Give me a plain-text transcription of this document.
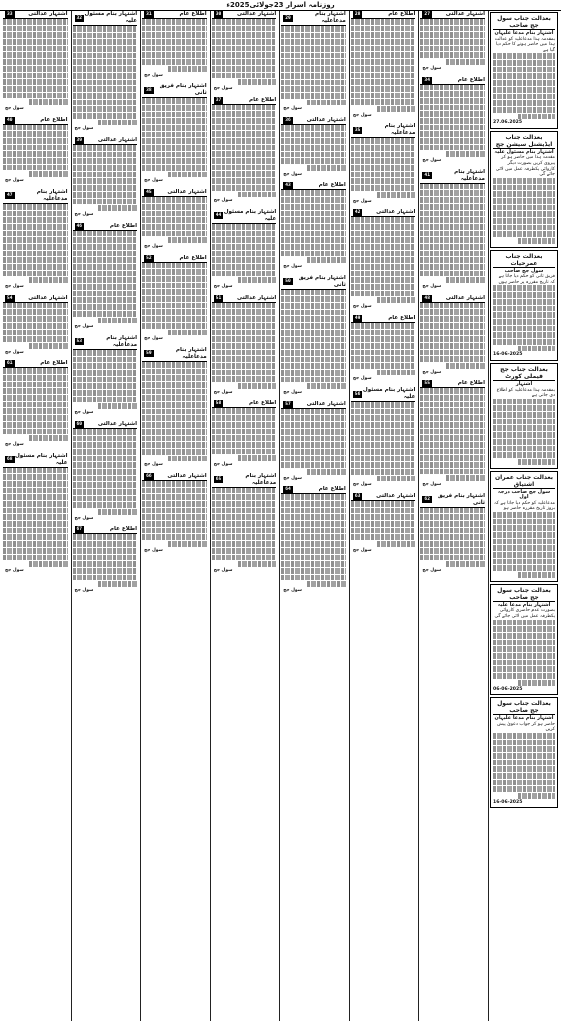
روزنامہ اسرار 23جولائی2025ء
بعدالت جناب سول جج صاحب
اشتہار بنام مدعا علیہان
بمقدمہ ہذا مدعاعلیہ کو عدالت ہذا میں حاضر ہونے کا حکم دیا گیا ہے
27.06.2025
بعدالت جناب ایڈیشنل سیشن جج
اشتہار بنام مسئول علیہ
مقدمہ ہذا میں حاضر ہو کر پیروی کریں بصورت دیگر کاروائی یکطرفہ عمل میں لائی جائے گی
بعدالت جناب عمرحیات
سول جج صاحب
فریق ثانی کو حکم دیا جاتا ہے کہ تاریخ مقررہ پر حاضر ہوں
16-06-2025
بعدالت جناب جج فیملی کورٹ
اشتہار
بمقدمہ ہذا مدعاعلیہ کو اطلاع دی جاتی ہے
بعدالت جناب عمران اشتیاق
سول جج صاحب درجہ اول
مدعاعلیہ کو حکم دیا جاتا ہے کہ بروز تاریخ مقررہ حاضر ہو
بعدالت جناب سول جج صاحب
اشتہار بنام مدعا علیہ
بصورت عدم حاضری کاروائی یکطرفہ عمل میں لائی جائے گی
06-06-2025
بعدالت جناب سول جج صاحب
اشتہار بنام مدعا علیہان
حاضر ہو کر جواب دعویٰ پیش کریں
16-06-2025
اشتہار عدالتی
27
سول جج
اطلاع عام
34
سول جج
اشتہار بنام مدعاعلیہ
41
سول جج
اشتہار عدالتی
48
سول جج
اطلاع عام
55
سول جج
اشتہار بنام فریق ثانی
62
سول جج
اطلاع عام
28
سول جج
اشتہار بنام مدعاعلیہ
35
سول جج
اشتہار عدالتی
42
سول جج
اطلاع عام
49
سول جج
اشتہار بنام مسئول علیہ
56
سول جج
اشتہار عدالتی
63
سول جج
اشتہار بنام مدعاعلیہ
29
سول جج
اشتہار عدالتی
36
سول جج
اطلاع عام
43
سول جج
اشتہار بنام فریق ثانی
50
سول جج
اشتہار عدالتی
57
سول جج
اطلاع عام
64
سول جج
اشتہار عدالتی
30
سول جج
اطلاع عام
37
سول جج
اشتہار بنام مسئول علیہ
44
سول جج
اشتہار عدالتی
51
سول جج
اطلاع عام
58
سول جج
اشتہار بنام مدعاعلیہ
65
سول جج
اطلاع عام
31
سول جج
اشتہار بنام فریق ثانی
38
سول جج
اشتہار عدالتی
45
سول جج
اطلاع عام
52
سول جج
اشتہار بنام مدعاعلیہ
59
سول جج
اشتہار عدالتی
66
سول جج
اشتہار بنام مسئول علیہ
32
سول جج
اشتہار عدالتی
39
سول جج
اطلاع عام
46
سول جج
اشتہار بنام مدعاعلیہ
53
سول جج
اشتہار عدالتی
60
سول جج
اطلاع عام
67
سول جج
اشتہار عدالتی
33
سول جج
اطلاع عام
40
سول جج
اشتہار بنام مدعاعلیہ
47
سول جج
اشتہار عدالتی
54
سول جج
اطلاع عام
61
سول جج
اشتہار بنام مسئول علیہ
68
سول جج
